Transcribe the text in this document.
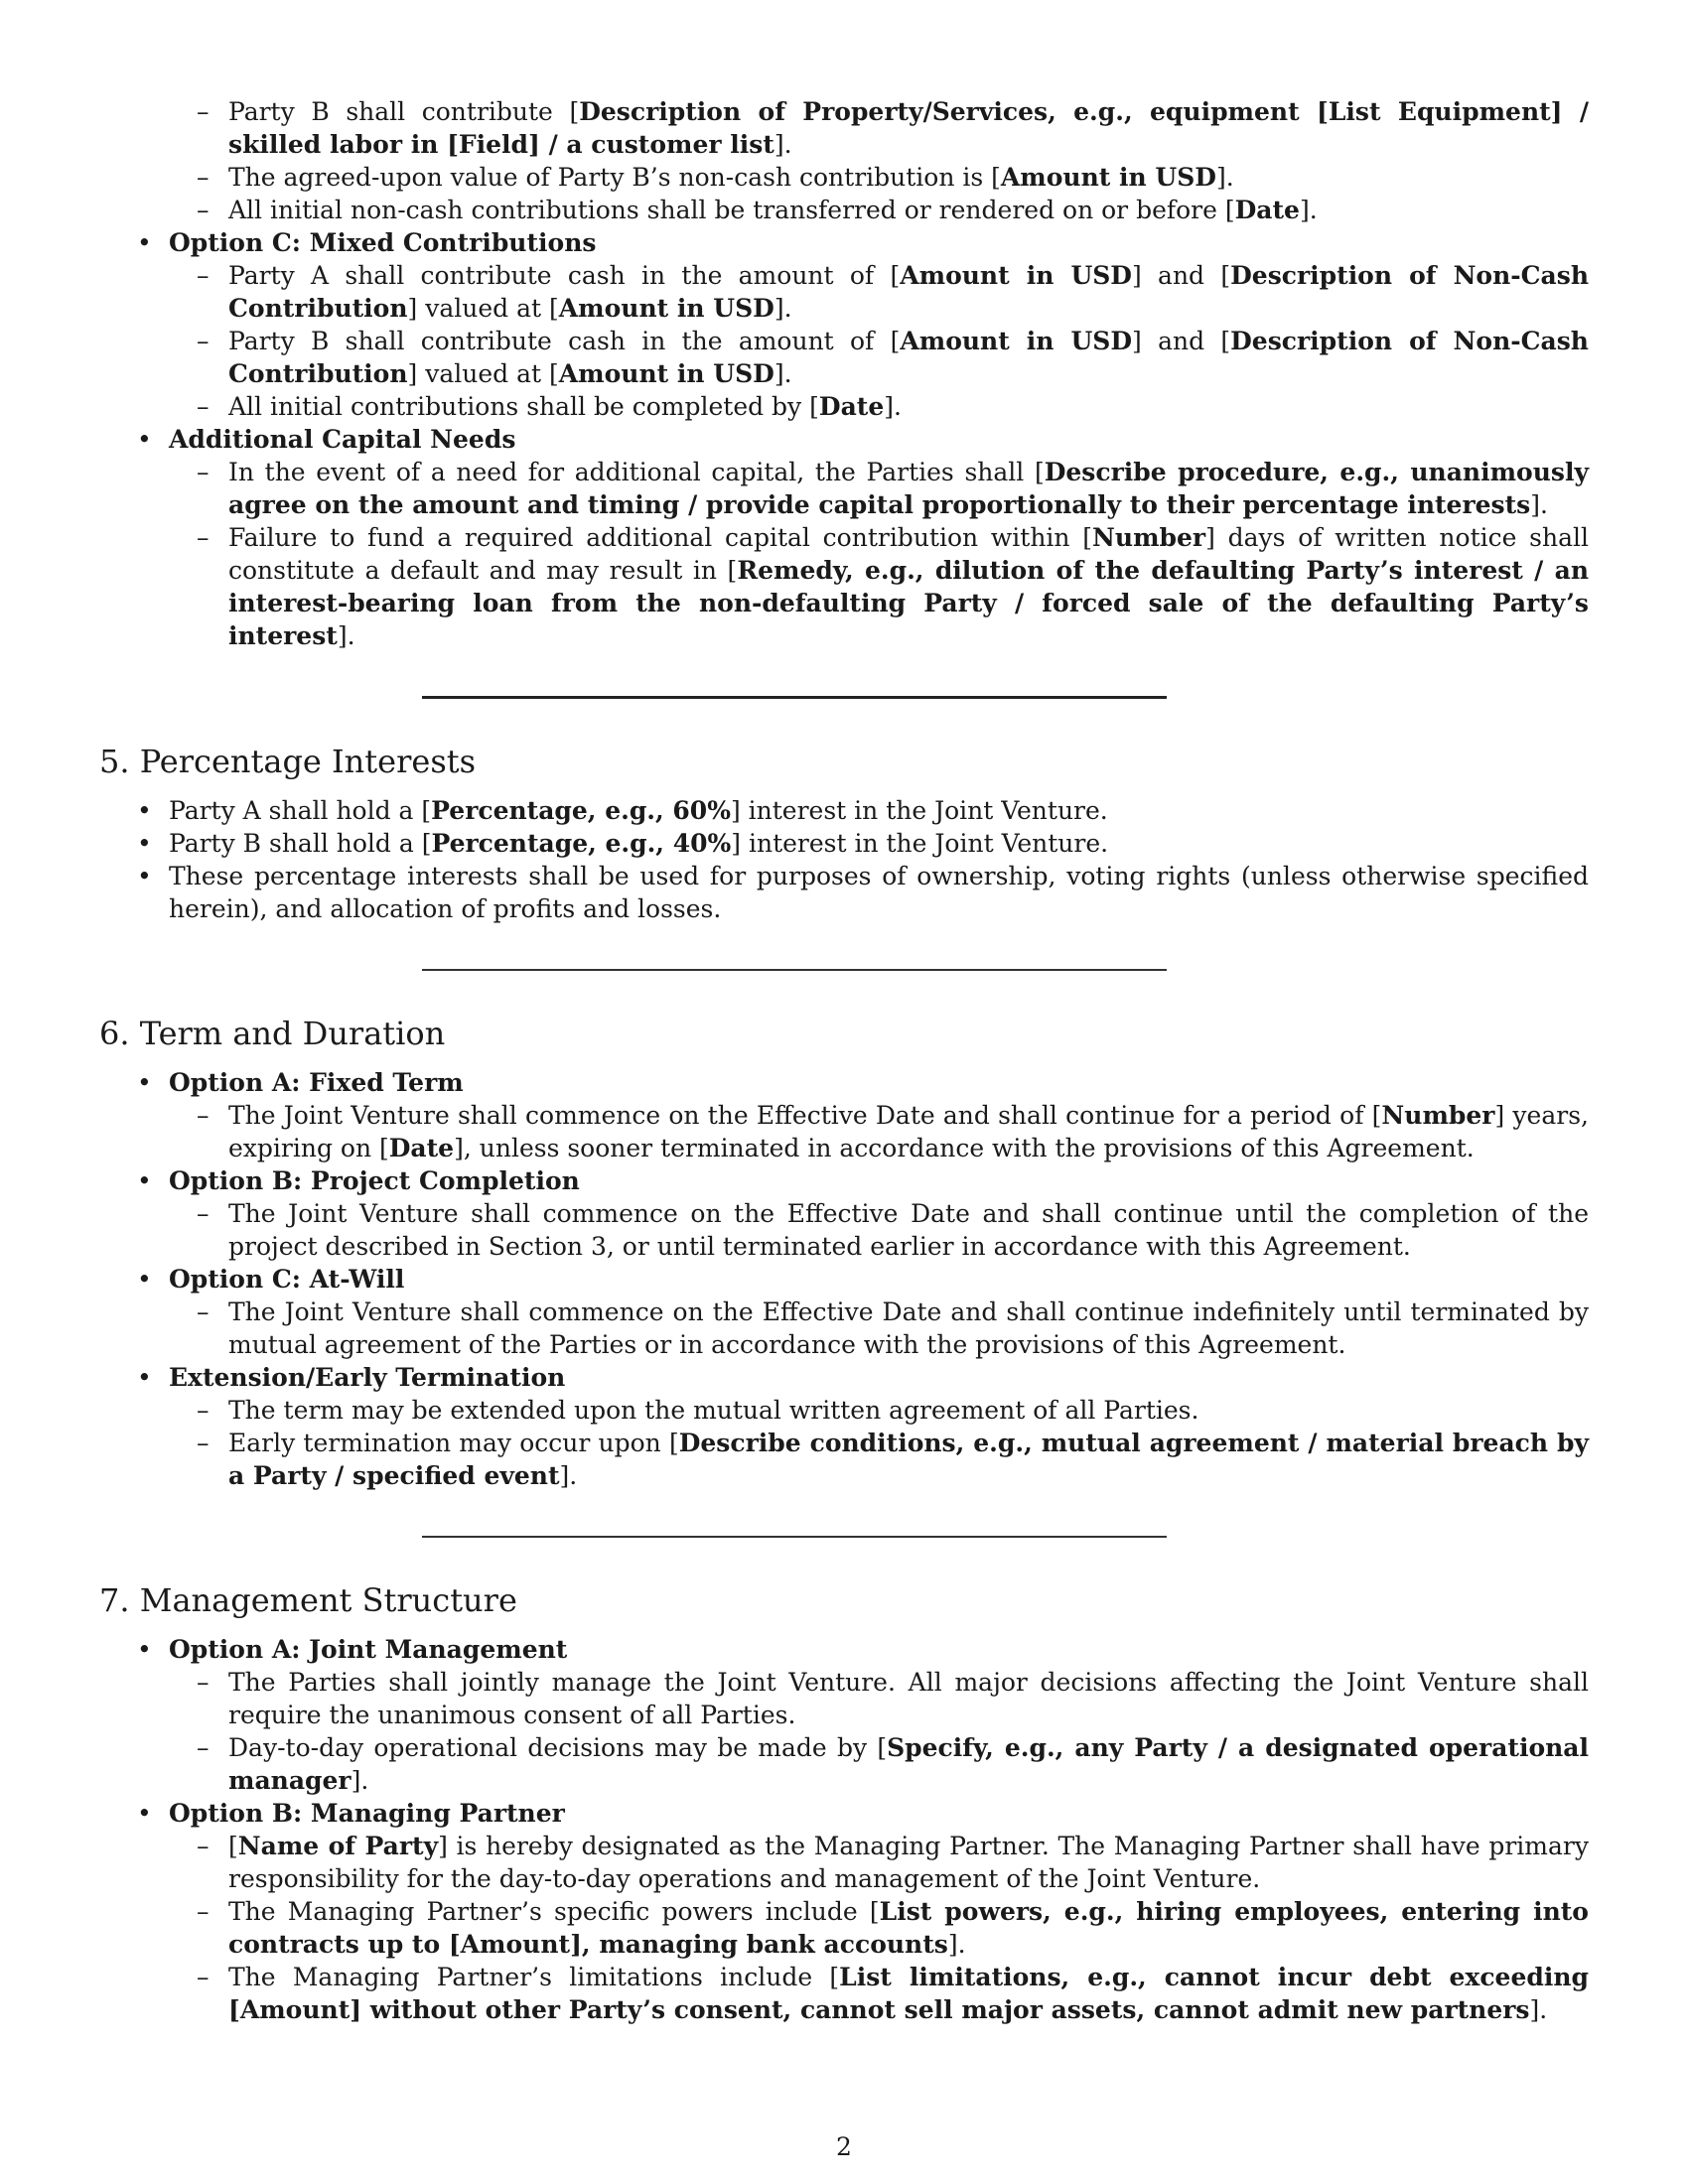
– Party B shall contribute [Description of Property/Services, e.g., equipment [List Equipment] / skilled labor in [Field] / a customer list].
– The agreed-upon value of Party B’s non-cash contribution is [Amount in USD].
– All initial non-cash contributions shall be transferred or rendered on or before [Date].
• Option C: Mixed Contributions
– Party A shall contribute cash in the amount of [Amount in USD] and [Description of Non-Cash Contribution] valued at [Amount in USD].
– Party B shall contribute cash in the amount of [Amount in USD] and [Description of Non-Cash Contribution] valued at [Amount in USD].
– All initial contributions shall be completed by [Date].
• Additional Capital Needs
– In the event of a need for additional capital, the Parties shall [Describe procedure, e.g., unanimously agree on the amount and timing / provide capital proportionally to their percentage interests].
– Failure to fund a required additional capital contribution within [Number] days of written notice shall constitute a default and may result in [Remedy, e.g., dilution of the defaulting Party’s interest / an interest-bearing loan from the non-defaulting Party / forced sale of the defaulting Party’s interest].
5. Percentage Interests
• Party A shall hold a [Percentage, e.g., 60%] interest in the Joint Venture.
• Party B shall hold a [Percentage, e.g., 40%] interest in the Joint Venture.
• These percentage interests shall be used for purposes of ownership, voting rights (unless otherwise specified herein), and allocation of profits and losses.
6. Term and Duration
• Option A: Fixed Term
– The Joint Venture shall commence on the Effective Date and shall continue for a period of [Number] years, expiring on [Date], unless sooner terminated in accordance with the provisions of this Agreement.
• Option B: Project Completion
– The Joint Venture shall commence on the Effective Date and shall continue until the completion of the project described in Section 3, or until terminated earlier in accordance with this Agreement.
• Option C: At-Will
– The Joint Venture shall commence on the Effective Date and shall continue indefinitely until terminated by mutual agreement of the Parties or in accordance with the provisions of this Agreement.
• Extension/Early Termination
– The term may be extended upon the mutual written agreement of all Parties.
– Early termination may occur upon [Describe conditions, e.g., mutual agreement / material breach by a Party / specified event].
7. Management Structure
• Option A: Joint Management
– The Parties shall jointly manage the Joint Venture. All major decisions affecting the Joint Venture shall require the unanimous consent of all Parties.
– Day-to-day operational decisions may be made by [Specify, e.g., any Party / a designated operational manager].
• Option B: Managing Partner
– [Name of Party] is hereby designated as the Managing Partner. The Managing Partner shall have primary responsibility for the day-to-day operations and management of the Joint Venture.
– The Managing Partner’s specific powers include [List powers, e.g., hiring employees, entering into contracts up to [Amount], managing bank accounts].
– The Managing Partner’s limitations include [List limitations, e.g., cannot incur debt exceeding [Amount] without other Party’s consent, cannot sell major assets, cannot admit new partners].
2
